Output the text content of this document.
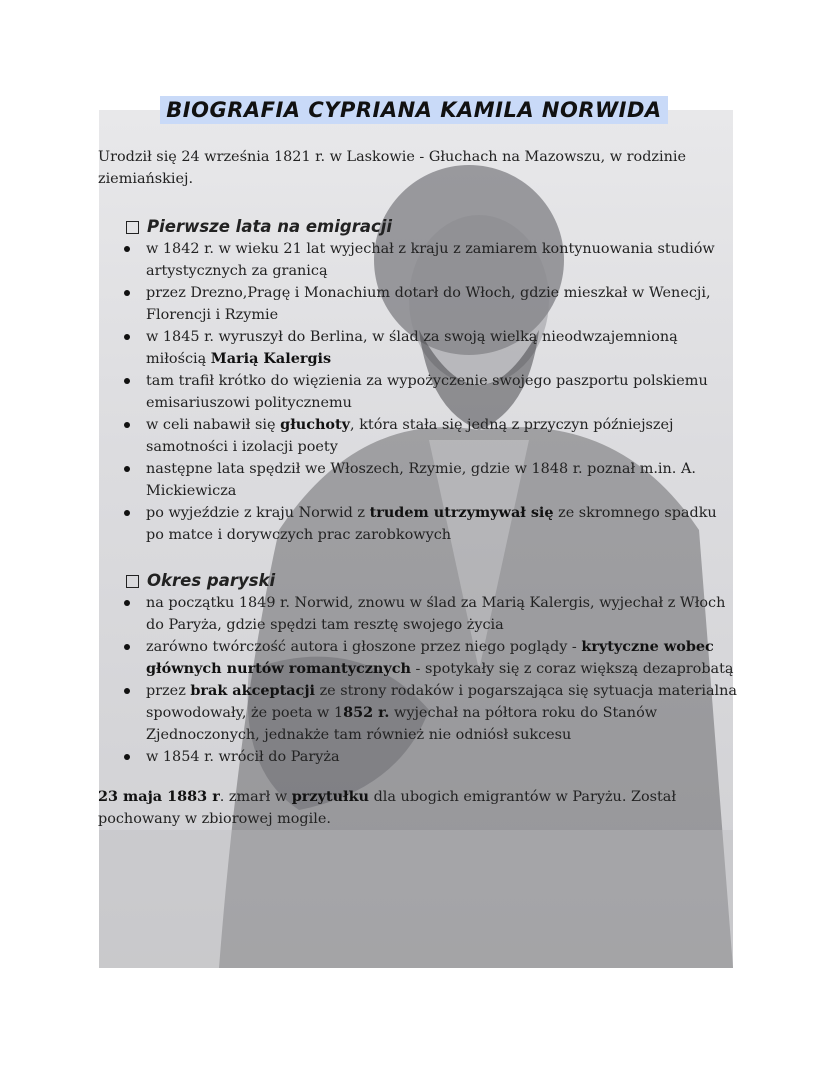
BIOGRAFIA CYPRIANA KAMILA NORWIDA

Urodził się 24 września 1821 r. w Laskowie - Głuchach na Mazowszu, w rodzinie ziemiańskiej.

Pierwsze lata na emigracji
w 1842 r. w wieku 21 lat wyjechał z kraju z zamiarem kontynuowania studiów artystycznych za granicą
przez Drezno,Pragę i Monachium dotarł do Włoch, gdzie mieszkał w Wenecji, Florencji i Rzymie
w 1845 r. wyruszył do Berlina, w ślad za swoją wielką nieodwzajemnioną miłością Marią Kalergis
tam trafił krótko do więzienia za wypożyczenie swojego paszportu polskiemu emisariuszowi politycznemu
w celi nabawił się głuchoty, która stała się jedną z przyczyn późniejszej samotności i izolacji poety
następne lata spędził we Włoszech, Rzymie, gdzie w 1848 r. poznał m.in. A. Mickiewicza
po wyjeździe z kraju Norwid z trudem utrzymywał się ze skromnego spadku po matce i dorywczych prac zarobkowych
Okres paryski
na początku 1849 r. Norwid, znowu w ślad za Marią Kalergis, wyjechał z Włoch do Paryża, gdzie spędzi tam resztę swojego życia
zarówno twórczość autora i głoszone przez niego poglądy - krytyczne wobec głównych nurtów romantycznych - spotykały się z coraz większą dezaprobatą
przez brak akceptacji ze strony rodaków i pogarszająca się sytuacja materialna spowodowały, że poeta w 1852 r. wyjechał na półtora roku do Stanów Zjednoczonych, jednakże tam również nie odniósł sukcesu
w 1854 r. wrócił do Paryża

23 maja 1883 r. zmarł w przytułku dla ubogich emigrantów w Paryżu. Został pochowany w zbiorowej mogile.
